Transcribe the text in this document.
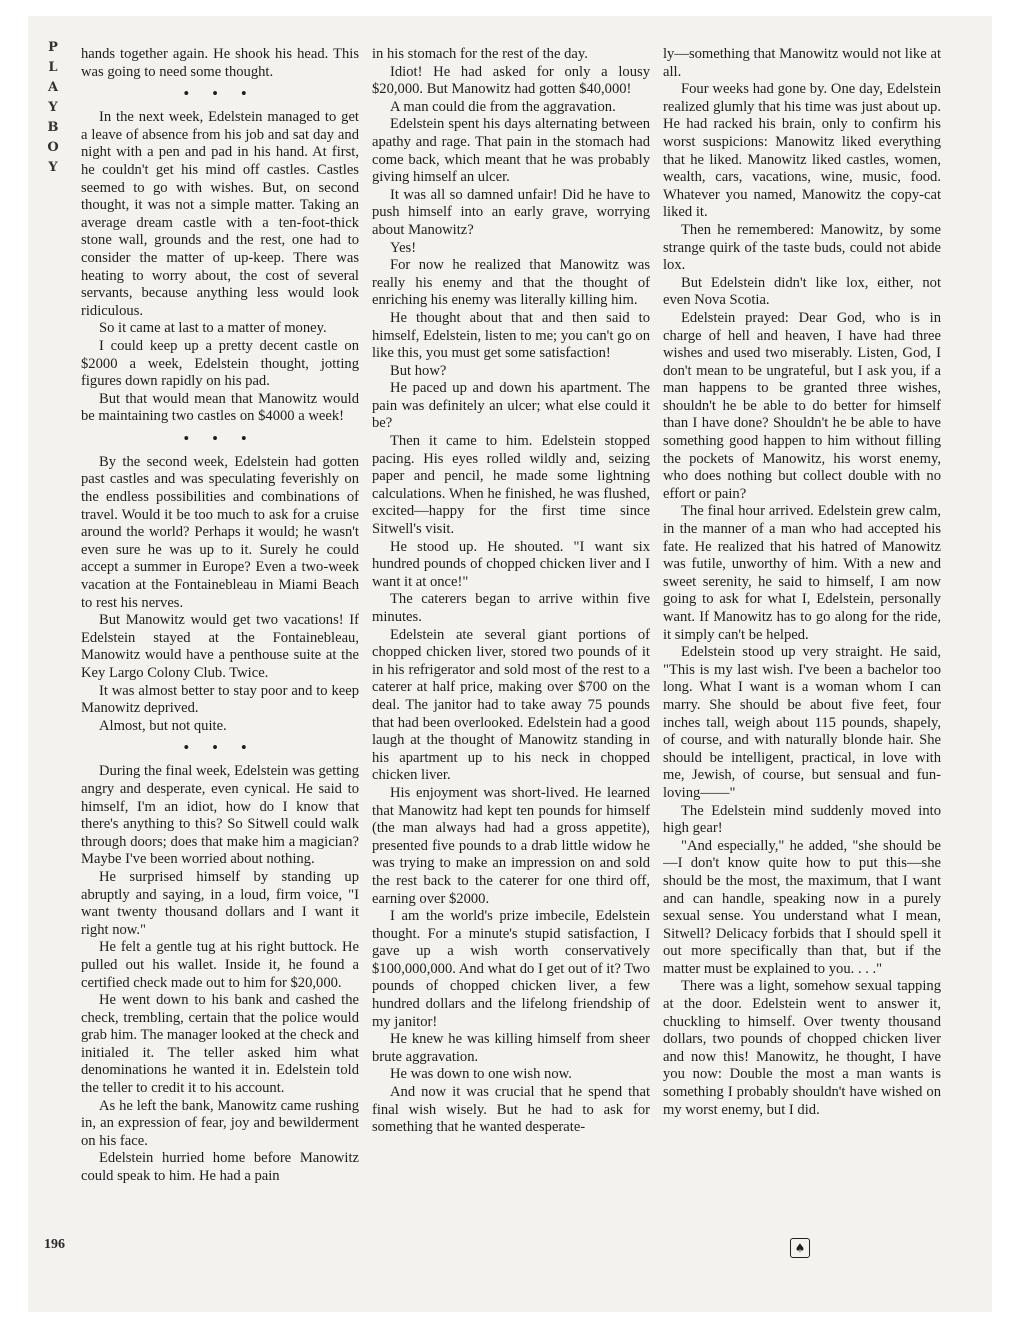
P
L
A
Y
B
O
Y

hands together again. He shook his head. This was going to need some thought.

• • •

In the next week, Edelstein managed to get a leave of absence from his job and sat day and night with a pen and pad in his hand. At first, he couldn't get his mind off castles. Castles seemed to go with wishes. But, on second thought, it was not a simple matter. Taking an average dream castle with a ten-foot-thick stone wall, grounds and the rest, one had to consider the matter of up-keep. There was heating to worry about, the cost of several servants, because anything less would look ridiculous.

So it came at last to a matter of money.

I could keep up a pretty decent castle on $2000 a week, Edelstein thought, jotting figures down rapidly on his pad.

But that would mean that Manowitz would be maintaining two castles on $4000 a week!

• • •

By the second week, Edelstein had gotten past castles and was speculating feverishly on the endless possibilities and combinations of travel. Would it be too much to ask for a cruise around the world? Perhaps it would; he wasn't even sure he was up to it. Surely he could accept a summer in Europe? Even a two-week vacation at the Fontainebleau in Miami Beach to rest his nerves.

But Manowitz would get two vacations! If Edelstein stayed at the Fontainebleau, Manowitz would have a penthouse suite at the Key Largo Colony Club. Twice.

It was almost better to stay poor and to keep Manowitz deprived.

Almost, but not quite.

• • •

During the final week, Edelstein was getting angry and desperate, even cynical. He said to himself, I'm an idiot, how do I know that there's anything to this? So Sitwell could walk through doors; does that make him a magician? Maybe I've been worried about nothing.

He surprised himself by standing up abruptly and saying, in a loud, firm voice, "I want twenty thousand dollars and I want it right now."

He felt a gentle tug at his right buttock. He pulled out his wallet. Inside it, he found a certified check made out to him for $20,000.

He went down to his bank and cashed the check, trembling, certain that the police would grab him. The manager looked at the check and initialed it. The teller asked him what denominations he wanted it in. Edelstein told the teller to credit it to his account.

As he left the bank, Manowitz came rushing in, an expression of fear, joy and bewilderment on his face.

Edelstein hurried home before Manowitz could speak to him. He had a pain

in his stomach for the rest of the day.

Idiot! He had asked for only a lousy $20,000. But Manowitz had gotten $40,000!

A man could die from the aggravation.

Edelstein spent his days alternating between apathy and rage. That pain in the stomach had come back, which meant that he was probably giving himself an ulcer.

It was all so damned unfair! Did he have to push himself into an early grave, worrying about Manowitz?

Yes!

For now he realized that Manowitz was really his enemy and that the thought of enriching his enemy was literally killing him.

He thought about that and then said to himself, Edelstein, listen to me; you can't go on like this, you must get some satisfaction!

But how?

He paced up and down his apartment. The pain was definitely an ulcer; what else could it be?

Then it came to him. Edelstein stopped pacing. His eyes rolled wildly and, seizing paper and pencil, he made some lightning calculations. When he finished, he was flushed, excited—happy for the first time since Sitwell's visit.

He stood up. He shouted. "I want six hundred pounds of chopped chicken liver and I want it at once!"

The caterers began to arrive within five minutes.

Edelstein ate several giant portions of chopped chicken liver, stored two pounds of it in his refrigerator and sold most of the rest to a caterer at half price, making over $700 on the deal. The janitor had to take away 75 pounds that had been overlooked. Edelstein had a good laugh at the thought of Manowitz standing in his apartment up to his neck in chopped chicken liver.

His enjoyment was short-lived. He learned that Manowitz had kept ten pounds for himself (the man always had had a gross appetite), presented five pounds to a drab little widow he was trying to make an impression on and sold the rest back to the caterer for one third off, earning over $2000.

I am the world's prize imbecile, Edelstein thought. For a minute's stupid satisfaction, I gave up a wish worth conservatively $100,000,000. And what do I get out of it? Two pounds of chopped chicken liver, a few hundred dollars and the lifelong friendship of my janitor!

He knew he was killing himself from sheer brute aggravation.

He was down to one wish now.

And now it was crucial that he spend that final wish wisely. But he had to ask for something that he wanted desperate-

ly—something that Manowitz would not like at all.

Four weeks had gone by. One day, Edelstein realized glumly that his time was just about up. He had racked his brain, only to confirm his worst suspicions: Manowitz liked everything that he liked. Manowitz liked castles, women, wealth, cars, vacations, wine, music, food. Whatever you named, Manowitz the copy-cat liked it.

Then he remembered: Manowitz, by some strange quirk of the taste buds, could not abide lox.

But Edelstein didn't like lox, either, not even Nova Scotia.

Edelstein prayed: Dear God, who is in charge of hell and heaven, I have had three wishes and used two miserably. Listen, God, I don't mean to be ungrateful, but I ask you, if a man happens to be granted three wishes, shouldn't he be able to do better for himself than I have done? Shouldn't he be able to have something good happen to him without filling the pockets of Manowitz, his worst enemy, who does nothing but collect double with no effort or pain?

The final hour arrived. Edelstein grew calm, in the manner of a man who had accepted his fate. He realized that his hatred of Manowitz was futile, unworthy of him. With a new and sweet serenity, he said to himself, I am now going to ask for what I, Edelstein, personally want. If Manowitz has to go along for the ride, it simply can't be helped.

Edelstein stood up very straight. He said, "This is my last wish. I've been a bachelor too long. What I want is a woman whom I can marry. She should be about five feet, four inches tall, weigh about 115 pounds, shapely, of course, and with naturally blonde hair. She should be intelligent, practical, in love with me, Jewish, of course, but sensual and fun-loving——"

The Edelstein mind suddenly moved into high gear!

"And especially," he added, "she should be—I don't know quite how to put this—she should be the most, the maximum, that I want and can handle, speaking now in a purely sexual sense. You understand what I mean, Sitwell? Delicacy forbids that I should spell it out more specifically than that, but if the matter must be explained to you. . . ."

There was a light, somehow sexual tapping at the door. Edelstein went to answer it, chuckling to himself. Over twenty thousand dollars, two pounds of chopped chicken liver and now this! Manowitz, he thought, I have you now: Double the most a man wants is something I probably shouldn't have wished on my worst enemy, but I did.

196	♠
